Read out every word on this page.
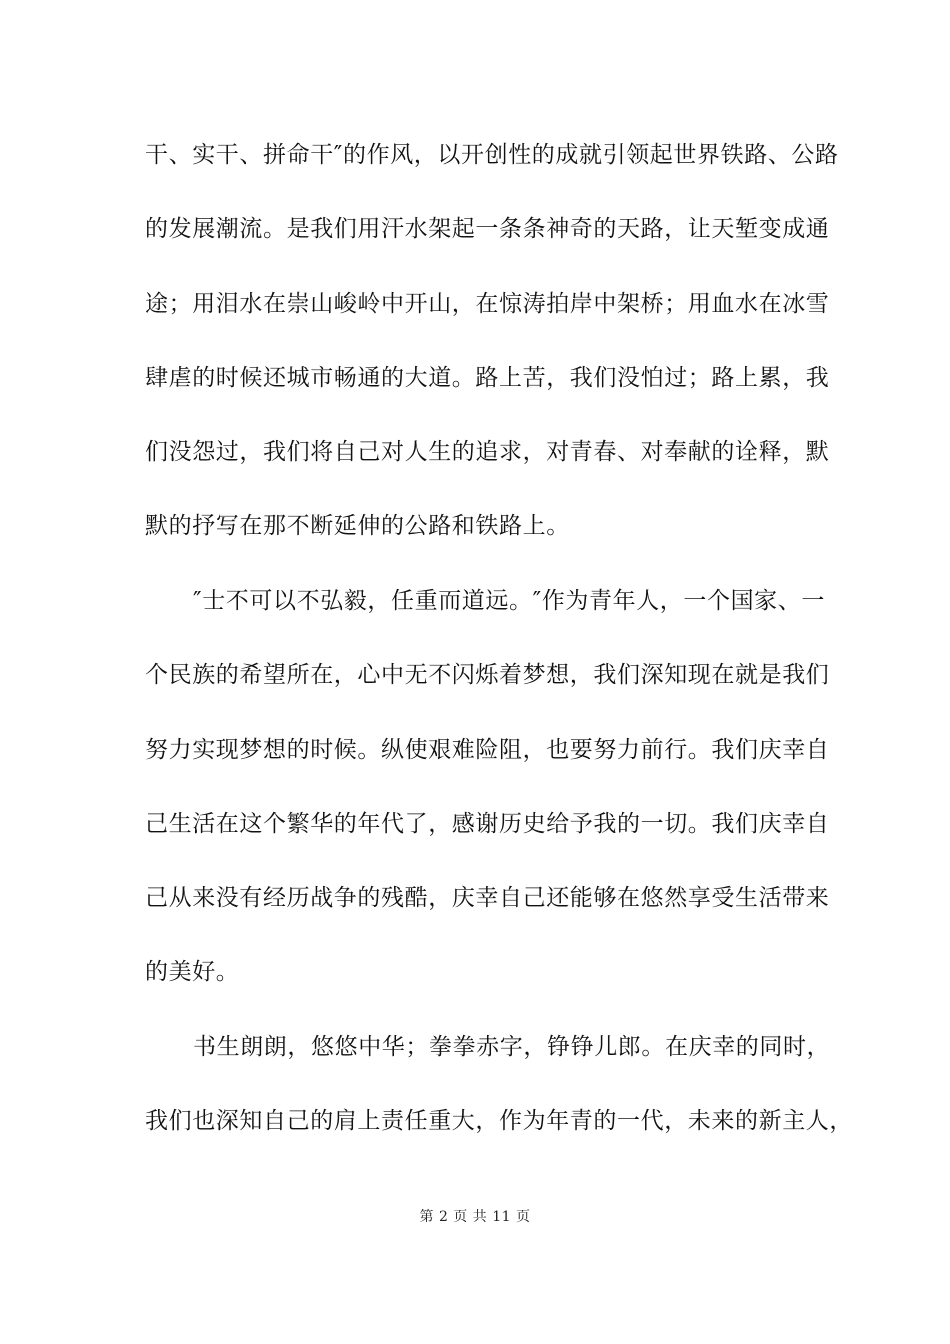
干、实干、拼命干″的作风，以开创性的成就引领起世界铁路、公路
的发展潮流。是我们用汗水架起一条条神奇的天路，让天堑变成通
途；用泪水在崇山峻岭中开山，在惊涛拍岸中架桥；用血水在冰雪
肆虐的时候还城市畅通的大道。路上苦，我们没怕过；路上累，我
们没怨过，我们将自己对人生的追求，对青春、对奉献的诠释，默
默的抒写在那不断延伸的公路和铁路上。
″士不可以不弘毅，任重而道远。″作为青年人，一个国家、一
个民族的希望所在，心中无不闪烁着梦想，我们深知现在就是我们
努力实现梦想的时候。纵使艰难险阻，也要努力前行。我们庆幸自
己生活在这个繁华的年代了，感谢历史给予我的一切。我们庆幸自
己从来没有经历战争的残酷，庆幸自己还能够在悠然享受生活带来
的美好。
书生朗朗，悠悠中华；拳拳赤字，铮铮儿郎。在庆幸的同时，
我们也深知自己的肩上责任重大，作为年青的一代，未来的新主人，
第 2 页 共 11 页
